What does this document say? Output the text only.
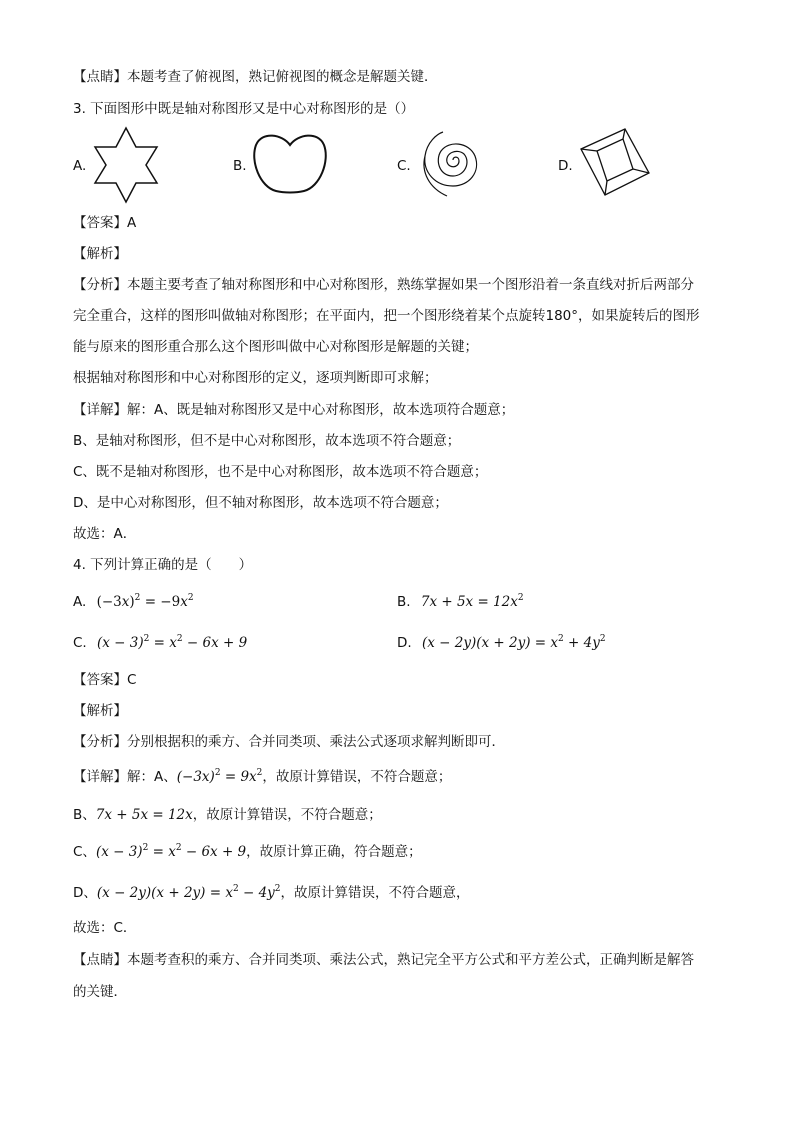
【点睛】本题考查了俯视图，熟记俯视图的概念是解题关键．
3. 下面图形中既是轴对称图形又是中心对称图形的是（）
A.	B.	C.	D.
【答案】A
【解析】
【分析】本题主要考查了轴对称图形和中心对称图形，熟练掌握如果一个图形沿着一条直线对折后两部分
完全重合，这样的图形叫做轴对称图形；在平面内，把一个图形绕着某个点旋转180°，如果旋转后的图形
能与原来的图形重合那么这个图形叫做中心对称图形是解题的关键；
根据轴对称图形和中心对称图形的定义，逐项判断即可求解；
【详解】解：A、既是轴对称图形又是中心对称图形，故本选项符合题意；
B、是轴对称图形，但不是中心对称图形，故本选项不符合题意；
C、既不是轴对称图形，也不是中心对称图形，故本选项不符合题意；
D、是中心对称图形，但不轴对称图形，故本选项不符合题意；
故选：A．
4. 下列计算正确的是（　　）
A. $(-3x)^2 = -9x^2$	B. $7x + 5x = 12x^2$
C. $(x - 3)^2 = x^2 - 6x + 9$	D. $(x - 2y)(x + 2y) = x^2 + 4y^2$
【答案】C
【解析】
【分析】分别根据积的乘方、合并同类项、乘法公式逐项求解判断即可．
【详解】解：A、$(-3x)^2 = 9x^2$，故原计算错误，不符合题意；
B、7x + 5x = 12x，故原计算错误，不符合题意；
C、$(x - 3)^2 = x^2 - 6x + 9$，故原计算正确，符合题意；
D、$(x - 2y)(x + 2y) = x^2 - 4y^2$，故原计算错误，不符合题意，
故选：C．
【点睛】本题考查积的乘方、合并同类项、乘法公式，熟记完全平方公式和平方差公式，正确判断是解答
的关键．
